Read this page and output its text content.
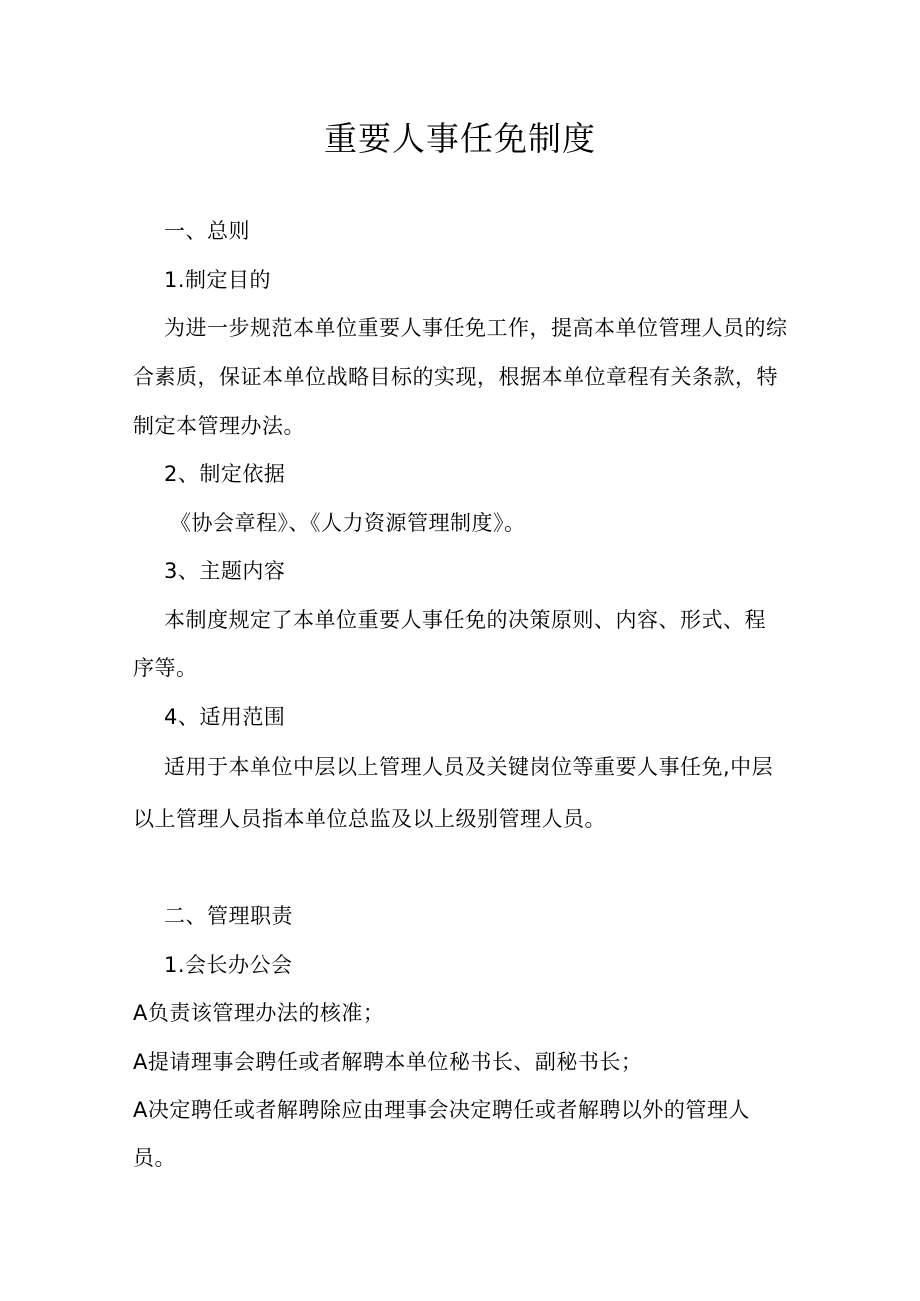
重要人事任免制度
一、总则
1.制定目的
为进一步规范本单位重要人事任免工作，提高本单位管理人员的综
合素质，保证本单位战略目标的实现，根据本单位章程有关条款，特
制定本管理办法。
2、制定依据
《协会章程》、《人力资源管理制度》。
3、主题内容
本制度规定了本单位重要人事任免的决策原则、内容、形式、程
序等。
4、适用范围
适用于本单位中层以上管理人员及关键岗位等重要人事任免,中层
以上管理人员指本单位总监及以上级别管理人员。
二、管理职责
1.会长办公会
A负责该管理办法的核准；
A提请理事会聘任或者解聘本单位秘书长、副秘书长；
A决定聘任或者解聘除应由理事会决定聘任或者解聘以外的管理人
员。
